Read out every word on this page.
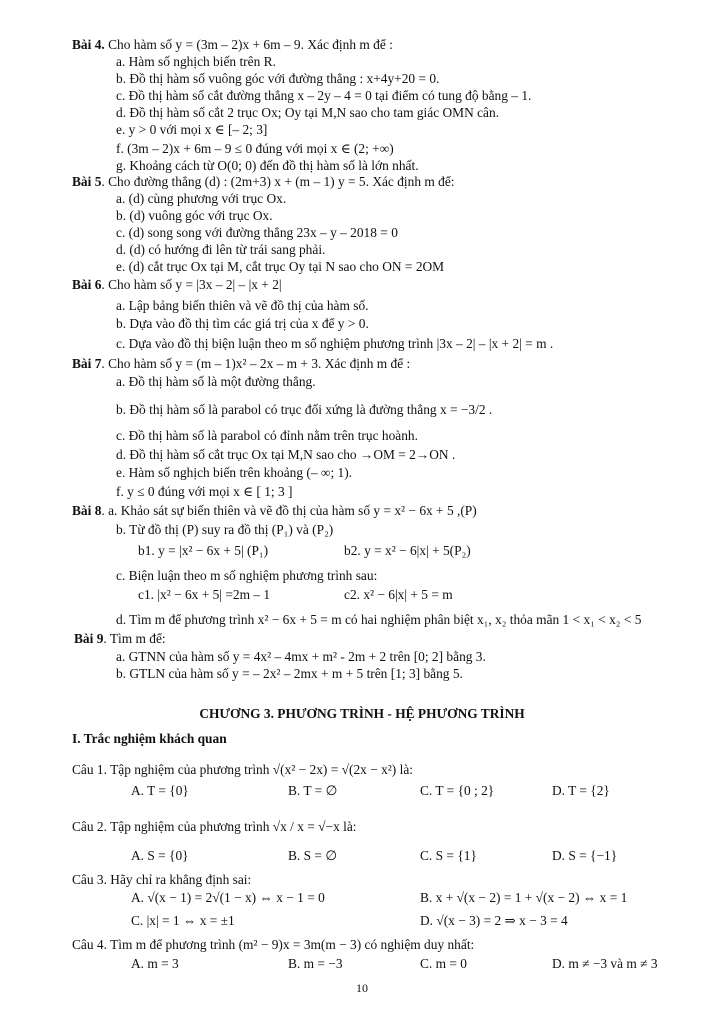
Bài 4. Cho hàm số y = (3m – 2)x + 6m – 9. Xác định m để :
a. Hàm số nghịch biến trên R.
b. Đồ thị hàm số vuông góc với đường thẳng : x+4y+20 = 0.
c. Đồ thị hàm số cắt đường thẳng x – 2y – 4 = 0 tại điểm có tung độ bằng – 1.
d. Đồ thị hàm số cắt 2 trục Ox; Oy tại M,N sao cho tam giác OMN cân.
e. y > 0 với mọi x ∈ [– 2; 3]
f. (3m – 2)x + 6m – 9 ≤ 0 đúng với mọi x ∈ (2; +∞)
g. Khoảng cách từ O(0; 0) đến đồ thị hàm số là lớn nhất.
Bài 5. Cho đường thẳng (d) : (2m+3) x + (m – 1) y = 5. Xác định m để:
a. (d) cùng phương với trục Ox.
b. (d) vuông góc với trục Ox.
c. (d) song song với đường thẳng 23x – y – 2018 = 0
d. (d) có hướng đi lên từ trái sang phải.
e. (d) cắt trục Ox tại M, cắt trục Oy tại N sao cho ON = 2OM
Bài 6. Cho hàm số y = |3x – 2| – |x + 2|
a. Lập bảng biến thiên và vẽ đồ thị của hàm số.
b. Dựa vào đồ thị tìm các giá trị của x để y > 0.
c. Dựa vào đồ thị biện luận theo m số nghiệm phương trình |3x – 2| – |x + 2| = m .
Bài 7. Cho hàm số y = (m – 1)x² – 2x – m + 3. Xác định m để :
a. Đồ thị hàm số là một đường thẳng.
b. Đồ thị hàm số là parabol có trục đối xứng là đường thẳng x = −3/2 .
c. Đồ thị hàm số là parabol có đỉnh nằm trên trục hoành.
d. Đồ thị hàm số cắt trục Ox tại M,N sao cho →OM = 2→ON .
e. Hàm số nghịch biến trên khoảng (– ∞; 1).
f. y ≤ 0 đúng với mọi x ∈ [ 1; 3 ]
Bài 8. a. Khảo sát sự biến thiên và vẽ đồ thị của hàm số y = x² − 6x + 5 ,(P)
b. Từ đồ thị (P) suy ra đồ thị (P₁) và (P₂)
b1. y = |x² − 6x + 5| (P₁)	b2. y = x² − 6|x| + 5(P₂)
c. Biện luận theo m số nghiệm phương trình sau:
c1. |x² − 6x + 5| =2m – 1	c2. x² − 6|x| + 5 = m
d. Tìm m để phương trình x² − 6x + 5 = m có hai nghiệm phân biệt x₁, x₂ thỏa mãn 1 < x₁ < x₂ < 5
Bài 9. Tìm m để:
a. GTNN của hàm số y = 4x² – 4mx + m² - 2m + 2 trên [0; 2] bằng 3.
b. GTLN của hàm số y = – 2x² – 2mx + m + 5 trên [1; 3] bằng 5.
CHƯƠNG 3. PHƯƠNG TRÌNH - HỆ PHƯƠNG TRÌNH
I. Trắc nghiệm khách quan
Câu 1. Tập nghiệm của phương trình √(x² − 2x) = √(2x − x²) là:
A. T = {0}	B. T = ∅	C. T = {0 ; 2}	D. T = {2}
Câu 2. Tập nghiệm của phương trình √x / x = √−x là:
A. S = {0}	B. S = ∅	C. S = {1}	D. S = {−1}
Câu 3. Hãy chỉ ra khẳng định sai:
A. √(x − 1) = 2√(1 − x) ⇔ x − 1 = 0	B. x + √(x − 2) = 1 + √(x − 2) ⇔ x = 1
C. |x| = 1 ⇔ x = ±1	D. √(x − 3) = 2 ⇒ x − 3 = 4
Câu 4. Tìm m để phương trình (m² − 9)x = 3m(m − 3) có nghiệm duy nhất:
A. m = 3	B. m = −3	C. m = 0	D. m ≠ −3 và m ≠ 3
10
